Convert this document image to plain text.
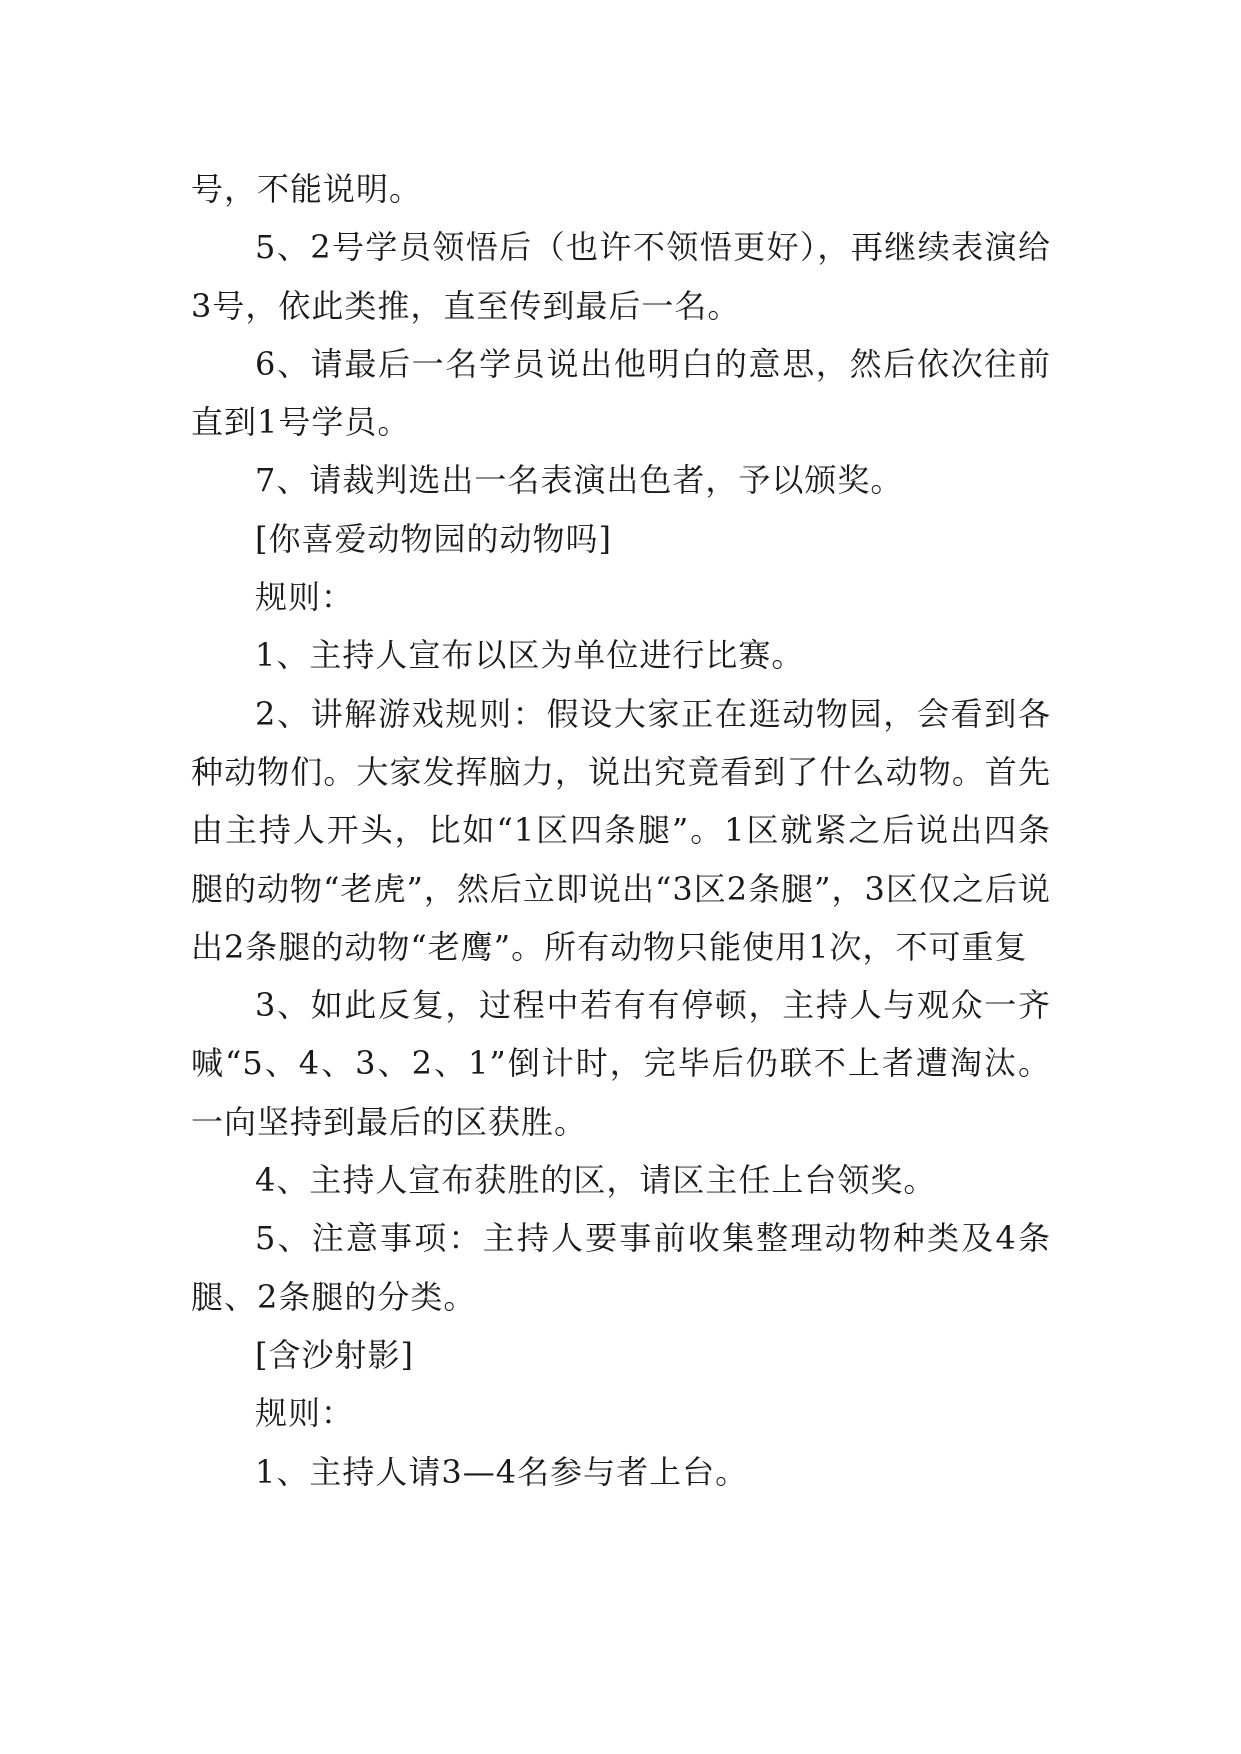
号，不能说明。

5、2号学员领悟后（也许不领悟更好），再继续表演给3号，依此类推，直至传到最后一名。

6、请最后一名学员说出他明白的意思，然后依次往前直到1号学员。

7、请裁判选出一名表演出色者，予以颁奖。

[你喜爱动物园的动物吗]

规则：

1、主持人宣布以区为单位进行比赛。

2、讲解游戏规则：假设大家正在逛动物园，会看到各种动物们。大家发挥脑力，说出究竟看到了什么动物。首先由主持人开头，比如“1区四条腿”。1区就紧之后说出四条腿的动物“老虎”，然后立即说出“3区2条腿”，3区仅之后说出2条腿的动物“老鹰”。所有动物只能使用1次，不可重复

3、如此反复，过程中若有有停顿，主持人与观众一齐喊“5、4、3、2、1”倒计时，完毕后仍联不上者遭淘汰。一向坚持到最后的区获胜。

4、主持人宣布获胜的区，请区主任上台领奖。

5、注意事项：主持人要事前收集整理动物种类及4条腿、2条腿的分类。

[含沙射影]

规则：

1、主持人请3—4名参与者上台。
